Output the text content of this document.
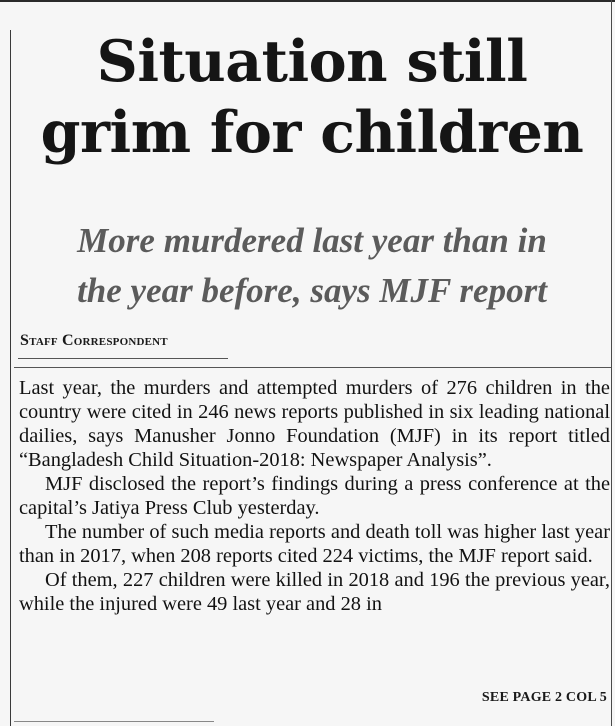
Situation still
grim for children
More murdered last year than in
the year before, says MJF report
Staff Correspondent

Last year, the murders and attempted murders of 276 children in the country were cited in 246 news reports published in six leading national dailies, says Manusher Jonno Foundation (MJF) in its report titled “Bangladesh Child Situation-2018: Newspaper Analysis”.

MJF disclosed the report’s findings during a press conference at the capital’s Jatiya Press Club yesterday.

The number of such media reports and death toll was higher last year than in 2017, when 208 reports cited 224 victims, the MJF report said.

Of them, 227 children were killed in 2018 and 196 the previous year, while the injured were 49 last year and 28 in

SEE PAGE 2 COL 5
